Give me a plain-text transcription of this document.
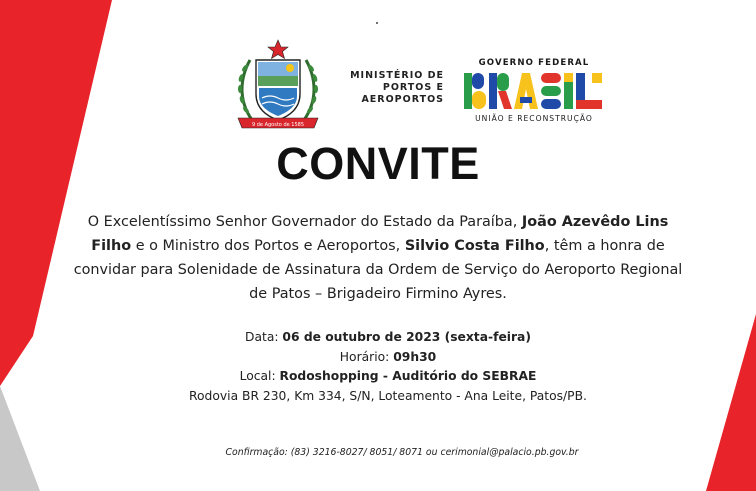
9 de Agosto de 1585
MINISTÉRIO DE
PORTOS E
AEROPORTOS
GOVERNO FEDERAL
BRASIL
UNIÃO E RECONSTRUÇÃO
CONVITE
O Excelentíssimo Senhor Governador do Estado da Paraíba, João Azevêdo Lins Filho e o Ministro dos Portos e Aeroportos, Silvio Costa Filho, têm a honra de convidar para Solenidade de Assinatura da Ordem de Serviço do Aeroporto Regional de Patos – Brigadeiro Firmino Ayres.
Data: 06 de outubro de 2023 (sexta-feira)
Horário: 09h30
Local: Rodoshopping - Auditório do SEBRAE
Rodovia BR 230, Km 334, S/N, Loteamento - Ana Leite, Patos/PB.
Confirmação: (83) 3216-8027/ 8051/ 8071 ou cerimonial@palacio.pb.gov.br
